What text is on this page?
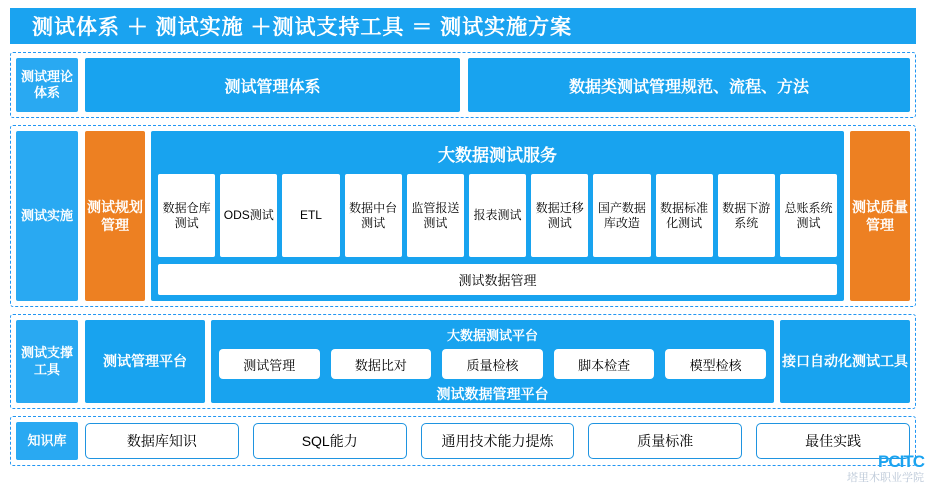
测试体系 ＋ 测试实施 ＋测试支持工具 ＝ 测试实施方案
测试理论体系	测试管理体系	数据类测试管理规范、流程、方法
测试实施
测试规划管理
大数据测试服务
数据仓库测试
ODS测试	ETL
数据中台测试
监管报送测试
报表测试
数据迁移测试
国产数据库改造
数据标准化测试
数据下游系统
总账系统测试
测试数据管理
测试质量管理
测试支撑工具	测试管理平台
大数据测试平台
测试管理	数据比对	质量检核	脚本检查	模型检核
测试数据管理平台
接口自动化测试工具
知识库	数据库知识	SQL能力	通用技术能力提炼	质量标准	最佳实践
PCITC
塔里木职业学院
